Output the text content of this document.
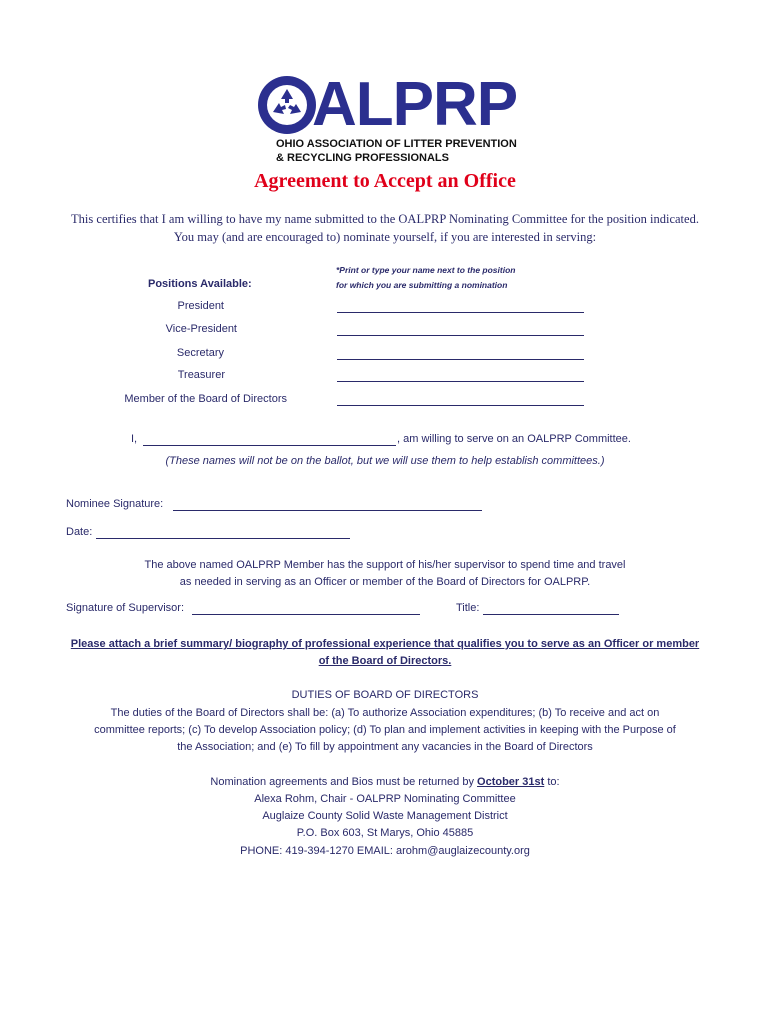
ALPRP
OHIO ASSOCIATION OF LITTER PREVENTION
& RECYCLING PROFESSIONALS
Agreement to Accept an Office
This certifies that I am willing to have my name submitted to the OALPRP Nominating Committee for the position indicated.
You may (and are encouraged to) nominate yourself, if you are interested in serving:
*Print or type your name next to the position
for which you are submitting a nomination
Positions Available:
President
Vice-President
Secretary
Treasurer
Member of the Board of Directors
I,	, am willing to serve on an OALPRP Committee.
(These names will not be on the ballot, but we will use them to help establish committees.)
Nominee Signature:
Date:
The above named OALPRP Member has the support of his/her supervisor to spend time and travel
as needed in serving as an Officer or member of the Board of Directors for OALPRP.
Signature of Supervisor:	Title:
Please attach a brief summary/ biography of professional experience that qualifies you to serve as an Officer or member
of the Board of Directors.
DUTIES OF BOARD OF DIRECTORS
The duties of the Board of Directors shall be: (a) To authorize Association expenditures; (b) To receive and act on
committee reports; (c) To develop Association policy; (d) To plan and implement activities in keeping with the Purpose of
the Association; and (e) To fill by appointment any vacancies in the Board of Directors
Nomination agreements and Bios must be returned by October 31st to:
Alexa Rohm, Chair - OALPRP Nominating Committee
Auglaize County Solid Waste Management District
P.O. Box 603, St Marys, Ohio 45885
PHONE: 419-394-1270 EMAIL: arohm@auglaizecounty.org
